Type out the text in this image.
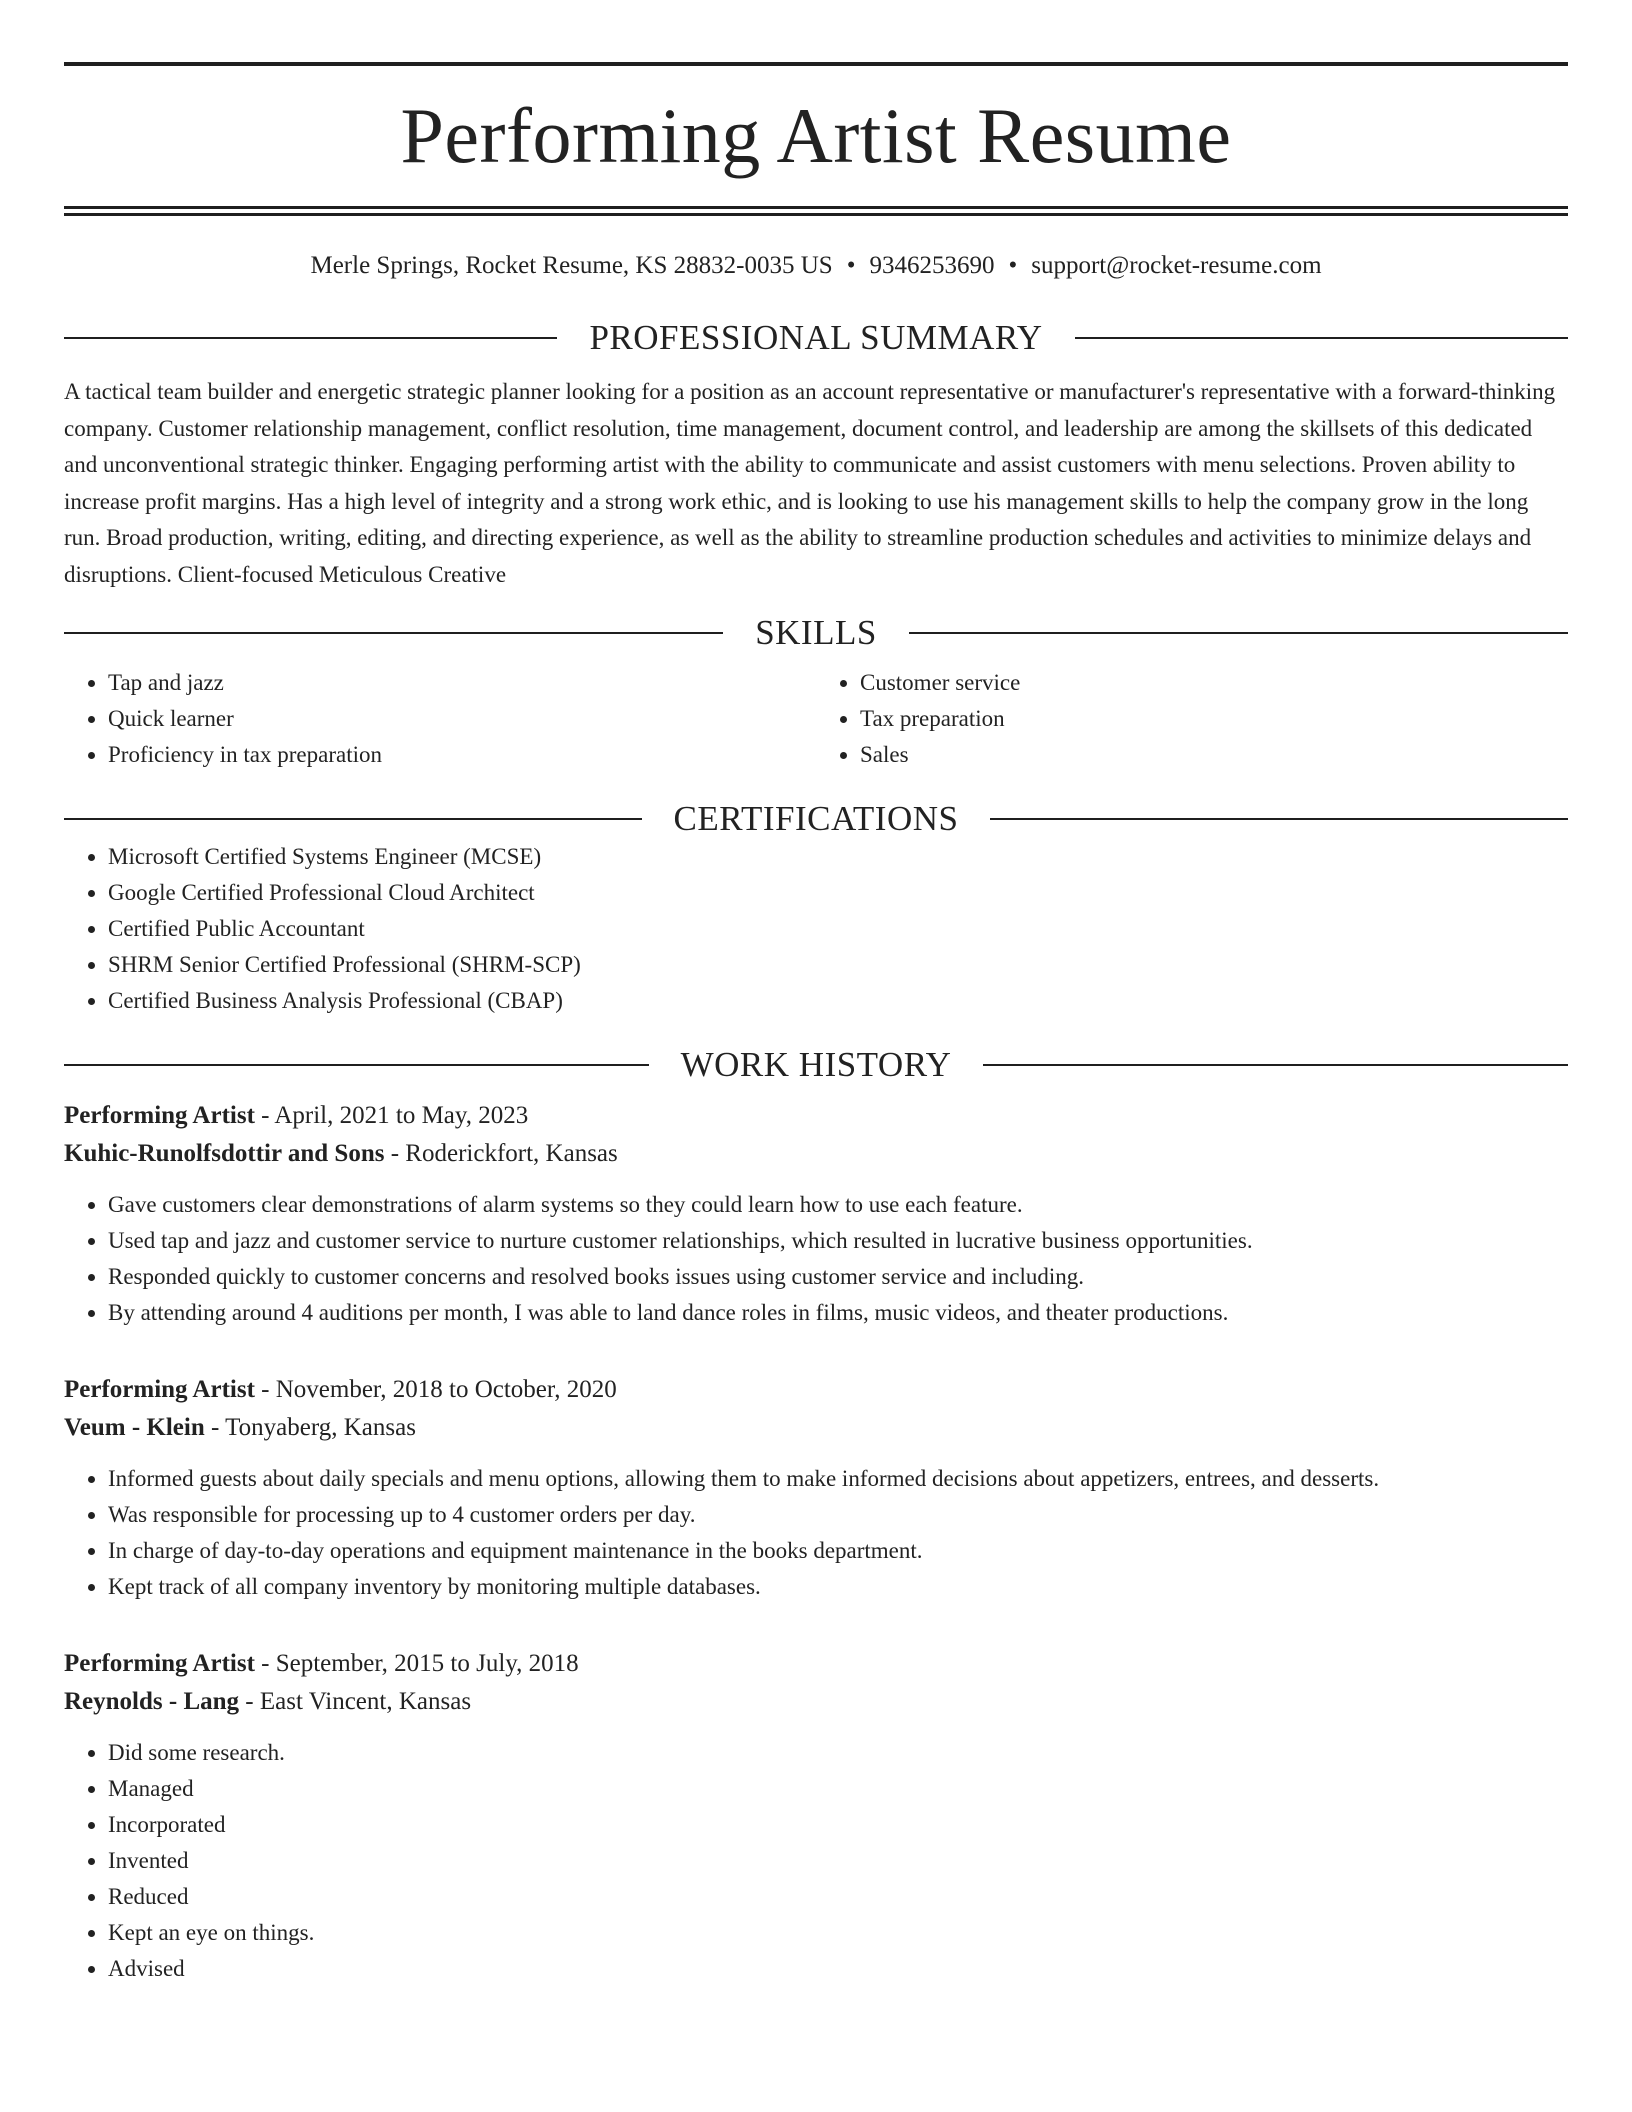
Performing Artist Resume
Merle Springs, Rocket Resume, KS 28832-0035 US • 9346253690 • support@rocket-resume.com
PROFESSIONAL SUMMARY

A tactical team builder and energetic strategic planner looking for a position as an account representative or manufacturer's representative with a forward-thinking company. Customer relationship management, conflict resolution, time management, document control, and leadership are among the skillsets of this dedicated and unconventional strategic thinker. Engaging performing artist with the ability to communicate and assist customers with menu selections. Proven ability to increase profit margins. Has a high level of integrity and a strong work ethic, and is looking to use his management skills to help the company grow in the long run. Broad production, writing, editing, and directing experience, as well as the ability to streamline production schedules and activities to minimize delays and disruptions. Client-focused Meticulous Creative

SKILLS
• Tap and jazz
• Quick learner
• Proficiency in tax preparation
• Customer service
• Tax preparation
• Sales
CERTIFICATIONS
• Microsoft Certified Systems Engineer (MCSE)
• Google Certified Professional Cloud Architect
• Certified Public Accountant
• SHRM Senior Certified Professional (SHRM-SCP)
• Certified Business Analysis Professional (CBAP)
WORK HISTORY
Performing Artist - April, 2021 to May, 2023
Kuhic-Runolfsdottir and Sons - Roderickfort, Kansas
• Gave customers clear demonstrations of alarm systems so they could learn how to use each feature.
• Used tap and jazz and customer service to nurture customer relationships, which resulted in lucrative business opportunities.
• Responded quickly to customer concerns and resolved books issues using customer service and including.
• By attending around 4 auditions per month, I was able to land dance roles in films, music videos, and theater productions.
Performing Artist - November, 2018 to October, 2020
Veum - Klein - Tonyaberg, Kansas
• Informed guests about daily specials and menu options, allowing them to make informed decisions about appetizers, entrees, and desserts.
• Was responsible for processing up to 4 customer orders per day.
• In charge of day-to-day operations and equipment maintenance in the books department.
• Kept track of all company inventory by monitoring multiple databases.
Performing Artist - September, 2015 to July, 2018
Reynolds - Lang - East Vincent, Kansas
• Did some research.
• Managed
• Incorporated
• Invented
• Reduced
• Kept an eye on things.
• Advised
